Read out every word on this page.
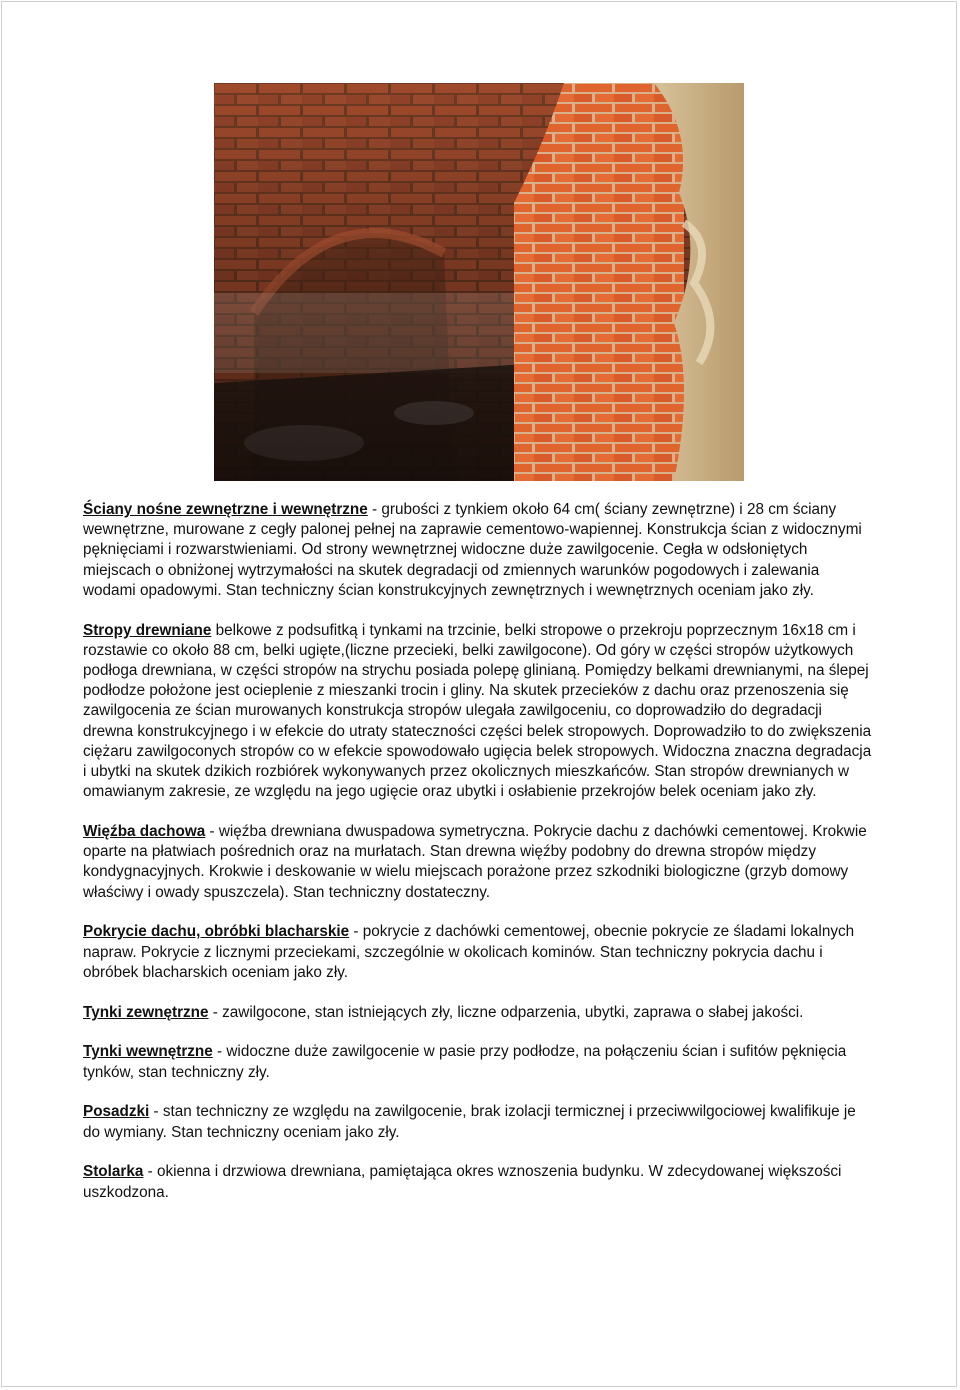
Ściany nośne zewnętrzne i wewnętrzne - grubości z tynkiem około 64 cm( ściany zewnętrzne) i 28 cm ściany wewnętrzne, murowane z cegły palonej pełnej na zaprawie cementowo-wapiennej. Konstrukcja ścian z widocznymi pęknięciami i rozwarstwieniami. Od strony wewnętrznej widoczne duże zawilgocenie. Cegła w odsłoniętych miejscach o obniżonej wytrzymałości na skutek degradacji od zmiennych warunków pogodowych i zalewania wodami opadowymi. Stan techniczny ścian konstrukcyjnych zewnętrznych i wewnętrznych oceniam jako zły.

Stropy drewniane belkowe z podsufitką i tynkami na trzcinie, belki stropowe o przekroju poprzecznym 16x18 cm i rozstawie co około 88 cm, belki ugięte,(liczne przecieki, belki zawilgocone). Od góry w części stropów użytkowych podłoga drewniana, w części stropów na strychu posiada polepę glinianą. Pomiędzy belkami drewnianymi, na ślepej podłodze położone jest ocieplenie z mieszanki trocin i gliny. Na skutek przecieków z dachu oraz przenoszenia się zawilgocenia ze ścian murowanych konstrukcja stropów ulegała zawilgoceniu, co doprowadziło do degradacji drewna konstrukcyjnego i w efekcie do utraty stateczności części belek stropowych. Doprowadziło to do zwiększenia ciężaru zawilgoconych stropów co w efekcie spowodowało ugięcia belek stropowych. Widoczna znaczna degradacja i ubytki na skutek dzikich rozbiórek wykonywanych przez okolicznych mieszkańców. Stan stropów drewnianych w omawianym zakresie, ze względu na jego ugięcie oraz ubytki i osłabienie przekrojów belek oceniam jako zły.

Więźba dachowa - więźba drewniana dwuspadowa symetryczna. Pokrycie dachu z dachówki cementowej. Krokwie oparte na płatwiach pośrednich oraz na murłatach. Stan drewna więźby podobny do drewna stropów między kondygnacyjnych. Krokwie i deskowanie w wielu miejscach porażone przez szkodniki biologiczne (grzyb domowy właściwy i owady spuszczela). Stan techniczny dostateczny.

Pokrycie dachu, obróbki blacharskie - pokrycie z dachówki cementowej, obecnie pokrycie ze śladami lokalnych napraw. Pokrycie z licznymi przeciekami, szczególnie w okolicach kominów. Stan techniczny pokrycia dachu i obróbek blacharskich oceniam jako zły.

Tynki zewnętrzne - zawilgocone, stan istniejących zły, liczne odparzenia, ubytki, zaprawa o słabej jakości.

Tynki wewnętrzne - widoczne duże zawilgocenie w pasie przy podłodze, na połączeniu ścian i sufitów pęknięcia tynków, stan techniczny zły.

Posadzki - stan techniczny ze względu na zawilgocenie, brak izolacji termicznej i przeciwwilgociowej kwalifikuje je do wymiany. Stan techniczny oceniam jako zły.

Stolarka - okienna i drzwiowa drewniana, pamiętająca okres wznoszenia budynku. W zdecydowanej większości uszkodzona.
